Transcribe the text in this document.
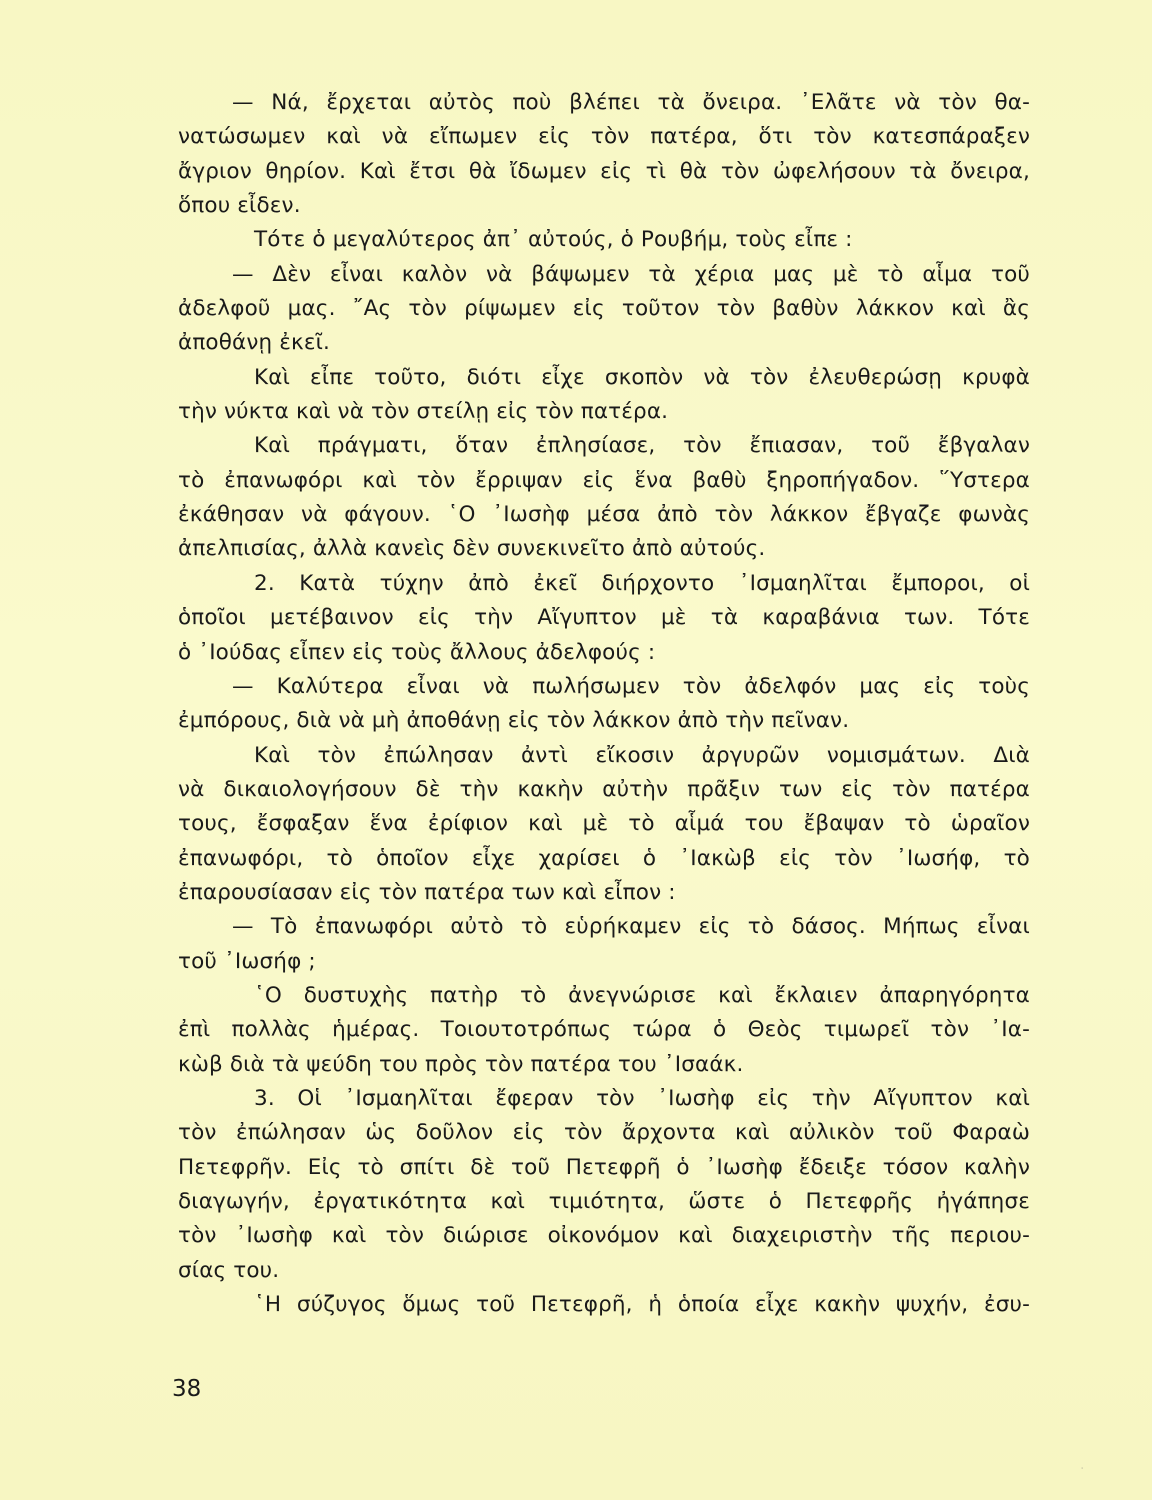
— Νά, ἔρχεται αὐτὸς ποὺ βλέπει τὰ ὄνειρα. ᾿Ελᾶτε νὰ τὸν θα-
νατώσωμεν καὶ νὰ εἴπωμεν εἰς τὸν πατέρα, ὅτι τὸν κατεσπάραξεν
ἄγριον θηρίον. Καὶ ἔτσι θὰ ἴδωμεν εἰς τὶ θὰ τὸν ὠφελήσουν τὰ ὄνειρα,
ὅπου εἶδεν.
Τότε ὁ μεγαλύτερος ἀπ᾿ αὐτούς, ὁ Ρουβήμ, τοὺς εἶπε :
— Δὲν εἶναι καλὸν νὰ βάψωμεν τὰ χέρια μας μὲ τὸ αἷμα τοῦ
ἀδελφοῦ μας. ῎Ας τὸν ρίψωμεν εἰς τοῦτον τὸν βαθὺν λάκκον καὶ ἂς
ἀποθάνῃ ἐκεῖ.
Καὶ εἶπε τοῦτο, διότι εἶχε σκοπὸν νὰ τὸν ἐλευθερώσῃ κρυφὰ
τὴν νύκτα καὶ νὰ τὸν στείλῃ εἰς τὸν πατέρα.
Καὶ πράγματι, ὅταν ἐπλησίασε, τὸν ἔπιασαν, τοῦ ἔβγαλαν
τὸ ἐπανωφόρι καὶ τὸν ἔρριψαν εἰς ἕνα βαθὺ ξηροπήγαδον. ῞Υστερα
ἐκάθησαν νὰ φάγουν. ῾Ο ᾿Ιωσὴφ μέσα ἀπὸ τὸν λάκκον ἔβγαζε φωνὰς
ἀπελπισίας, ἀλλὰ κανεὶς δὲν συνεκινεῖτο ἀπὸ αὐτούς.
2. Κατὰ τύχην ἀπὸ ἐκεῖ διήρχοντο ᾿Ισμαηλῖται ἔμποροι, οἱ
ὁποῖοι μετέβαινον εἰς τὴν Αἴγυπτον μὲ τὰ καραβάνια των. Τότε
ὁ ᾿Ιούδας εἶπεν εἰς τοὺς ἄλλους ἀδελφούς :
— Καλύτερα εἶναι νὰ πωλήσωμεν τὸν ἀδελφόν μας εἰς τοὺς
ἐμπόρους, διὰ νὰ μὴ ἀποθάνῃ εἰς τὸν λάκκον ἀπὸ τὴν πεῖναν.
Καὶ τὸν ἐπώλησαν ἀντὶ εἴκοσιν ἀργυρῶν νομισμάτων. Διὰ
νὰ δικαιολογήσουν δὲ τὴν κακὴν αὐτὴν πρᾶξιν των εἰς τὸν πατέρα
τους, ἔσφαξαν ἕνα ἐρίφιον καὶ μὲ τὸ αἷμά του ἔβαψαν τὸ ὡραῖον
ἐπανωφόρι, τὸ ὁποῖον εἶχε χαρίσει ὁ ᾿Ιακὼβ εἰς τὸν ᾿Ιωσήφ, τὸ
ἐπαρουσίασαν εἰς τὸν πατέρα των καὶ εἶπον :
— Τὸ ἐπανωφόρι αὐτὸ τὸ εὑρήκαμεν εἰς τὸ δάσος. Μήπως εἶναι
τοῦ ᾿Ιωσήφ ;
῾Ο δυστυχὴς πατὴρ τὸ ἀνεγνώρισε καὶ ἔκλαιεν ἀπαρηγόρητα
ἐπὶ πολλὰς ἡμέρας. Τοιουτοτρόπως τώρα ὁ Θεὸς τιμωρεῖ τὸν ᾿Ια-
κὼβ διὰ τὰ ψεύδη του πρὸς τὸν πατέρα του ᾿Ισαάκ.
3. Οἱ ᾿Ισμαηλῖται ἔφεραν τὸν ᾿Ιωσὴφ εἰς τὴν Αἴγυπτον καὶ
τὸν ἐπώλησαν ὡς δοῦλον εἰς τὸν ἄρχοντα καὶ αὐλικὸν τοῦ Φαραὼ
Πετεφρῆν. Εἰς τὸ σπίτι δὲ τοῦ Πετεφρῆ ὁ ᾿Ιωσὴφ ἔδειξε τόσον καλὴν
διαγωγήν, ἐργατικότητα καὶ τιμιότητα, ὥστε ὁ Πετεφρῆς ἠγάπησε
τὸν ᾿Ιωσὴφ καὶ τὸν διώρισε οἰκονόμον καὶ διαχειριστὴν τῆς περιου-
σίας του.
῾Η σύζυγος ὅμως τοῦ Πετεφρῆ, ἡ ὁποία εἶχε κακὴν ψυχήν, ἐσυ-
38
·
